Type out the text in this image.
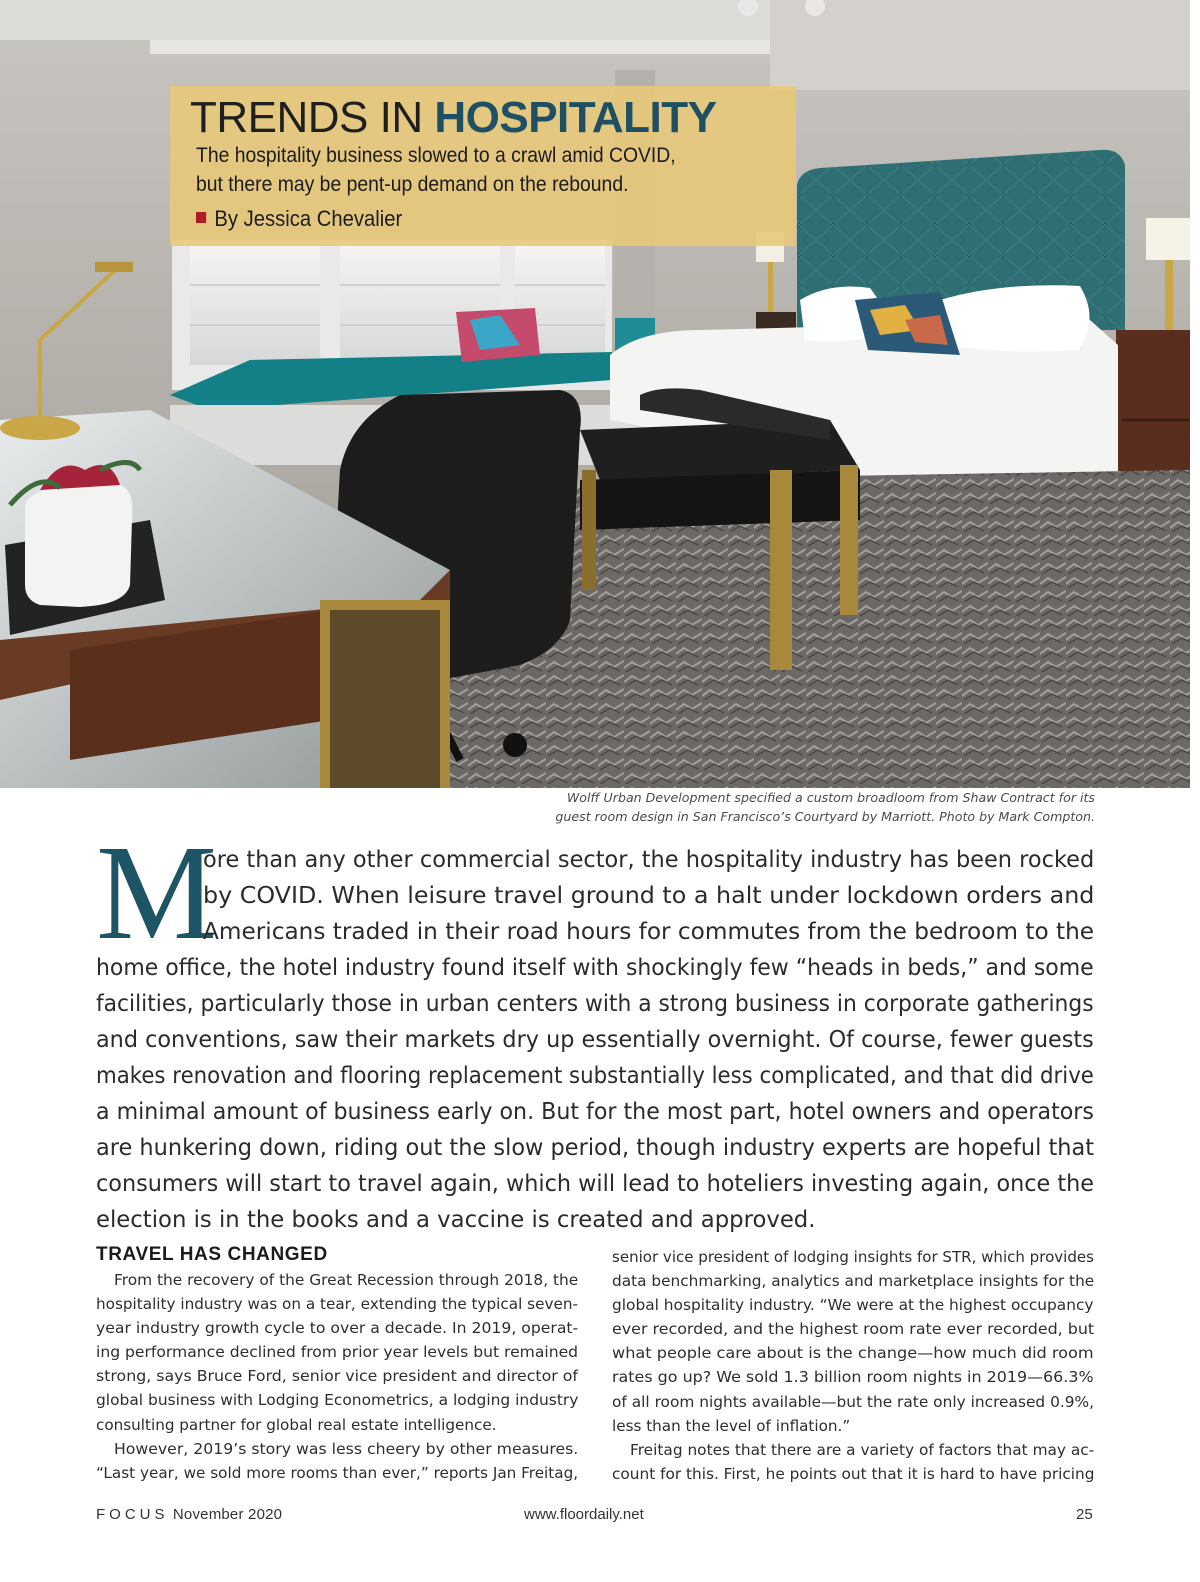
TRENDS IN HOSPITALITY
The hospitality business slowed to a crawl amid COVID,
but there may be pent-up demand on the rebound.
By Jessica Chevalier
Wolff Urban Development specified a custom broadloom from Shaw Contract for its
guest room design in San Francisco’s Courtyard by Marriott. Photo by Mark Compton.
M
ore than any other commercial sector, the hospitality industry has been rocked
by COVID. When leisure travel ground to a halt under lockdown orders and
Americans traded in their road hours for commutes from the bedroom to the
home office, the hotel industry found itself with shockingly few “heads in beds,” and some
facilities, particularly those in urban centers with a strong business in corporate gatherings
and conventions, saw their markets dry up essentially overnight. Of course, fewer guests
makes renovation and flooring replacement substantially less complicated, and that did drive
a minimal amount of business early on. But for the most part, hotel owners and operators
are hunkering down, riding out the slow period, though industry experts are hopeful that
consumers will start to travel again, which will lead to hoteliers investing again, once the
election is in the books and a vaccine is created and approved.
TRAVEL HAS CHANGED
From the recovery of the Great Recession through 2018, the
hospitality industry was on a tear, extending the typical seven-
year industry growth cycle to over a decade. In 2019, operat-
ing performance declined from prior year levels but remained
strong, says Bruce Ford, senior vice president and director of
global business with Lodging Econometrics, a lodging industry
consulting partner for global real estate intelligence.
However, 2019’s story was less cheery by other measures.
“Last year, we sold more rooms than ever,” reports Jan Freitag,
senior vice president of lodging insights for STR, which provides
data benchmarking, analytics and marketplace insights for the
global hospitality industry. “We were at the highest occupancy
ever recorded, and the highest room rate ever recorded, but
what people care about is the change—how much did room
rates go up? We sold 1.3 billion room nights in 2019—66.3%
of all room nights available—but the rate only increased 0.9%,
less than the level of inflation.”
Freitag notes that there are a variety of factors that may ac-
count for this. First, he points out that it is hard to have pricing
FOCUS November 2020	www.floordaily.net	25
